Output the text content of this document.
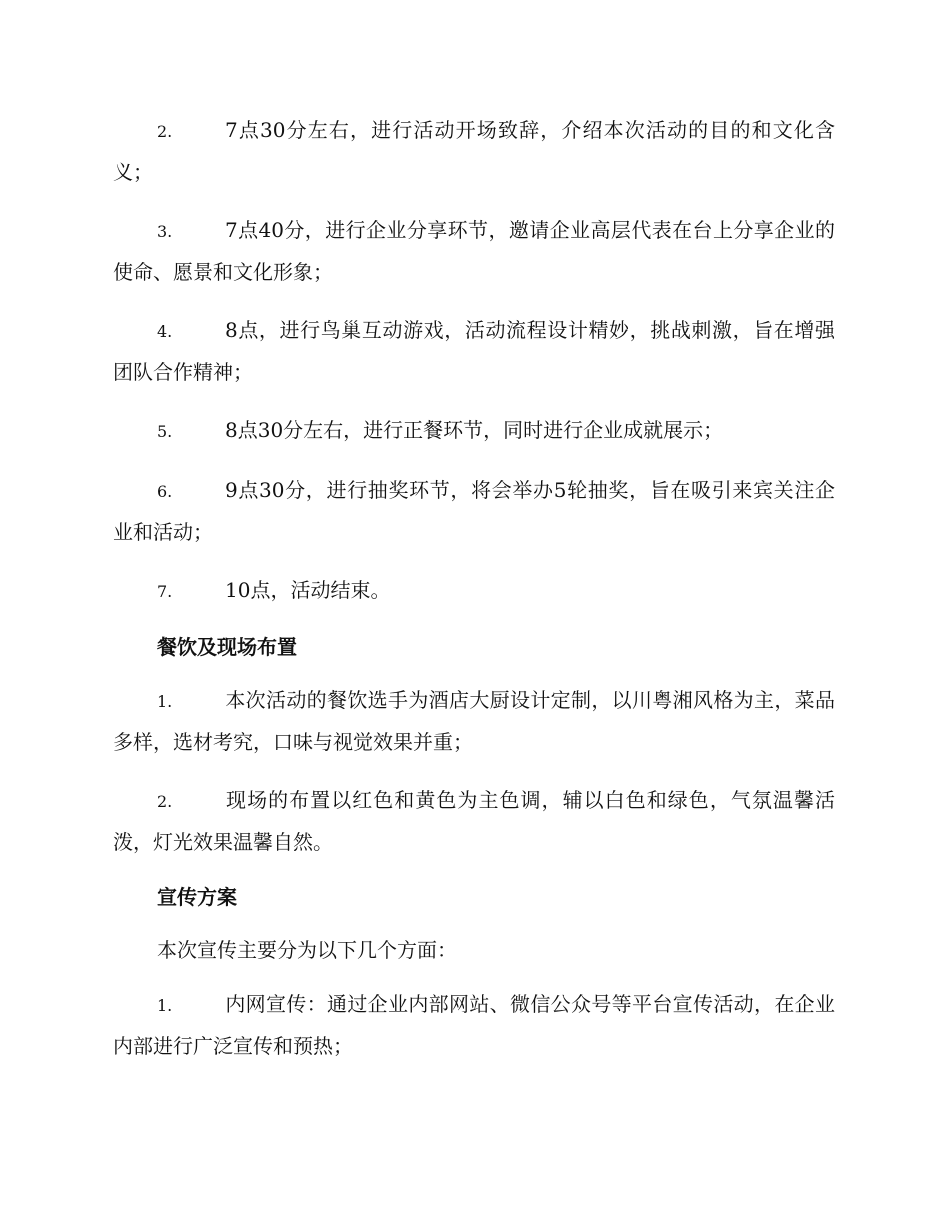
2.	7点30分左右，进行活动开场致辞，介绍本次活动的目的和文化含义；

3.	7点40分，进行企业分享环节，邀请企业高层代表在台上分享企业的使命、愿景和文化形象；

4.	8点，进行鸟巢互动游戏，活动流程设计精妙，挑战刺激，旨在增强团队合作精神；

5.	8点30分左右，进行正餐环节，同时进行企业成就展示；

6.	9点30分，进行抽奖环节，将会举办5轮抽奖，旨在吸引来宾关注企业和活动；

7.	10点，活动结束。

餐饮及现场布置

1.	本次活动的餐饮选手为酒店大厨设计定制，以川粤湘风格为主，菜品多样，选材考究，口味与视觉效果并重；

2.	现场的布置以红色和黄色为主色调，辅以白色和绿色，气氛温馨活泼，灯光效果温馨自然。

宣传方案

本次宣传主要分为以下几个方面：

1.	内网宣传：通过企业内部网站、微信公众号等平台宣传活动，在企业内部进行广泛宣传和预热；
